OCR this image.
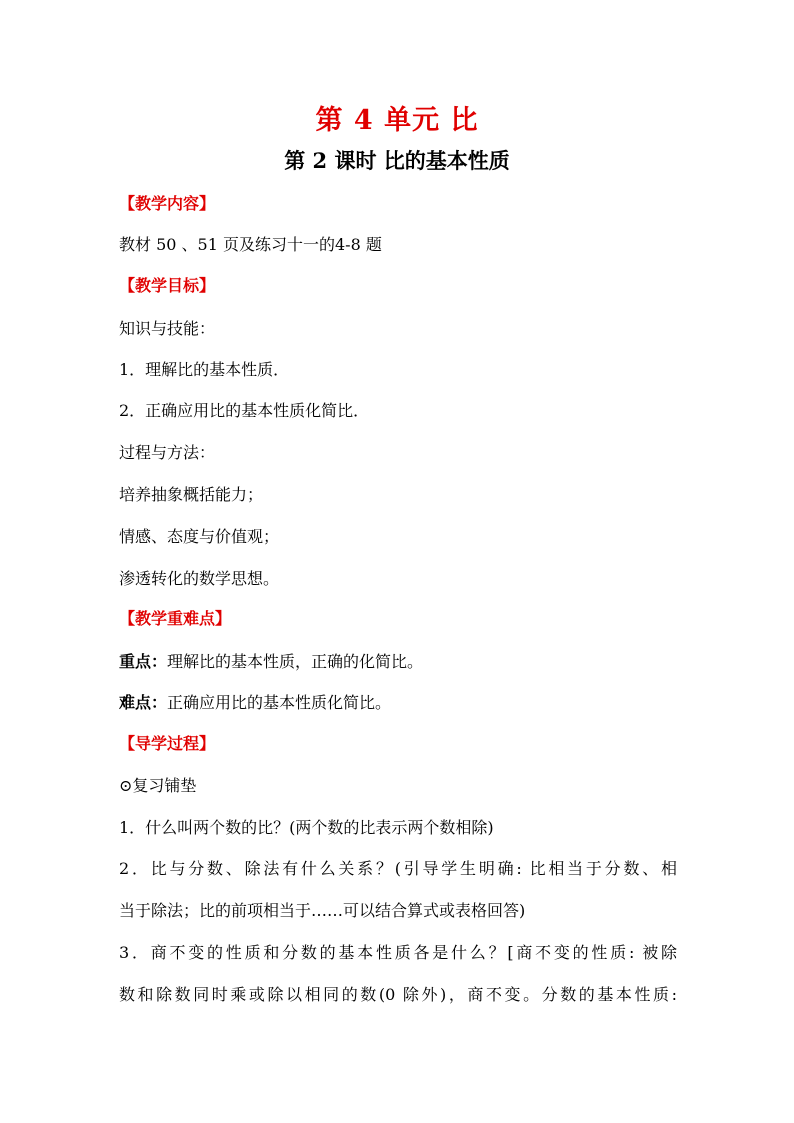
第 4 单元 比
第 2 课时 比的基本性质
【教学内容】
教材 50 、51 页及练习十一的4-8 题
【教学目标】
知识与技能：
1．理解比的基本性质．
2．正确应用比的基本性质化简比．
过程与方法：
培养抽象概括能力；
情感、态度与价值观；
渗透转化的数学思想。
【教学重难点】
重点：理解比的基本性质，正确的化简比。
难点：正确应用比的基本性质化简比。
【导学过程】
⊙复习铺垫
1．什么叫两个数的比？(两个数的比表示两个数相除)
2．比与分数、除法有什么关系？(引导学生明确: 比相当于分数、相
当于除法；比的前项相当于……可以结合算式或表格回答)
3．商不变的性质和分数的基本性质各是什么？[商不变的性质: 被除
数和除数同时乘或除以相同的数(0 除外)，商不变。分数的基本性质:
